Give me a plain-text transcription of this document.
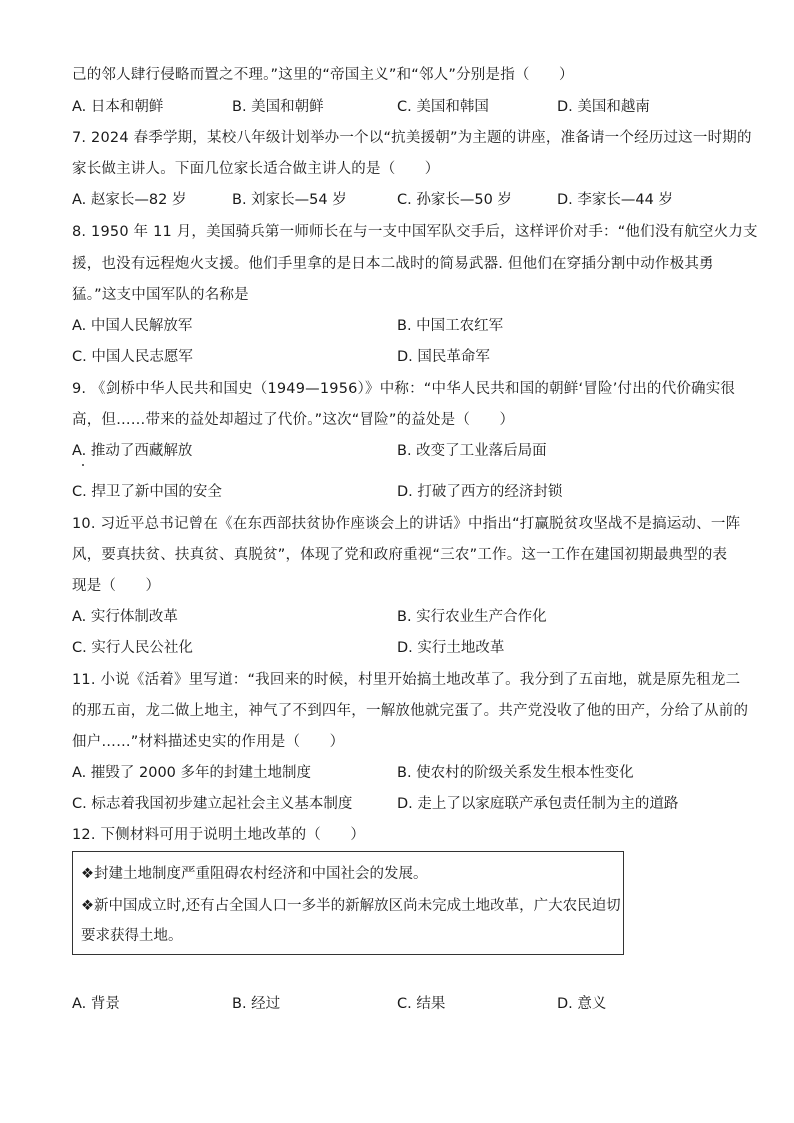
己的邻人肆行侵略而置之不理。”这里的“帝国主义”和“邻人”分别是指（　　）
A. 日本和朝鲜	B. 美国和朝鲜	C. 美国和韩国	D. 美国和越南
7. 2024 春季学期，某校八年级计划举办一个以“抗美援朝”为主题的讲座，准备请一个经历过这一时期的
家长做主讲人。下面几位家长适合做主讲人的是（　　）
A. 赵家长—82 岁	B. 刘家长—54 岁	C. 孙家长—50 岁	D. 李家长—44 岁
8. 1950 年 11 月，美国骑兵第一师师长在与一支中国军队交手后，这样评价对手：“他们没有航空火力支
援，也没有远程炮火支援。他们手里拿的是日本二战时的简易武器. 但他们在穿插分割中动作极其勇
猛。”这支中国军队的名称是
A. 中国人民解放军	B. 中国工农红军
C. 中国人民志愿军	D. 国民革命军
9. 《剑桥中华人民共和国史（1949—1956）》中称：“中华人民共和国的朝鲜‘冒险’付出的代价确实很
高，但……带来的益处却超过了代价。”这次“冒险”的益处是（　　）
A. 推动了西藏解放	B. 改变了工业落后局面
C. 捍卫了新中国的安全	D. 打破了西方的经济封锁
10. 习近平总书记曾在《在东西部扶贫协作座谈会上的讲话》中指出“打赢脱贫攻坚战不是搞运动、一阵
风，要真扶贫、扶真贫、真脱贫”，体现了党和政府重视“三农”工作。这一工作在建国初期最典型的表
现是（　　）
A. 实行体制改革	B. 实行农业生产合作化
C. 实行人民公社化	D. 实行土地改革
11. 小说《活着》里写道：“我回来的时候，村里开始搞土地改革了。我分到了五亩地，就是原先租龙二
的那五亩，龙二做上地主，神气了不到四年，一解放他就完蛋了。共产党没收了他的田产，分给了从前的
佃户……”材料描述史实的作用是（　　）
A. 摧毁了 2000 多年的封建土地制度	B. 使农村的阶级关系发生根本性变化
C. 标志着我国初步建立起社会主义基本制度	D. 走上了以家庭联产承包责任制为主的道路
12. 下侧材料可用于说明土地改革的（　　）
❖封建土地制度严重阻碍农村经济和中国社会的发展。
❖新中国成立时,还有占全国人口一多半的新解放区尚未完成土地改革，广大农民迫切
要求获得土地。
A. 背景	B. 经过	C. 结果	D. 意义
